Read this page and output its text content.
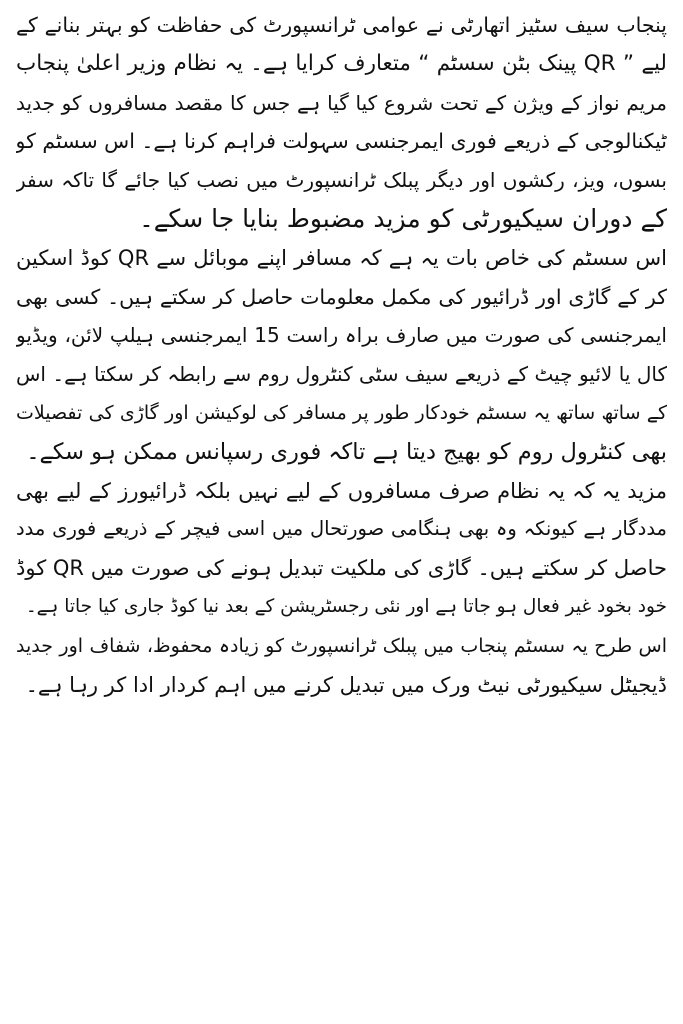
پنجاب سیف سٹیز اتھارٹی نے عوامی ٹرانسپورٹ کی حفاظت کو بہتر بنانے کے
لیے ” QR پینک بٹن سسٹم “ متعارف کرایا ہے۔ یہ نظام وزیر اعلیٰ پنجاب
مریم نواز کے ویژن کے تحت شروع کیا گیا ہے جس کا مقصد مسافروں کو جدید
ٹیکنالوجی کے ذریعے فوری ایمرجنسی سہولت فراہم کرنا ہے۔ اس سسٹم کو
بسوں، ویز، رکشوں اور دیگر پبلک ٹرانسپورٹ میں نصب کیا جائے گا تاکہ سفر
کے دوران سیکیورٹی کو مزید مضبوط بنایا جا سکے۔
اس سسٹم کی خاص بات یہ ہے کہ مسافر اپنے موبائل سے QR کوڈ اسکین
کر کے گاڑی اور ڈرائیور کی مکمل معلومات حاصل کر سکتے ہیں۔ کسی بھی
ایمرجنسی کی صورت میں صارف براہ راست 15 ایمرجنسی ہیلپ لائن، ویڈیو
کال یا لائیو چیٹ کے ذریعے سیف سٹی کنٹرول روم سے رابطہ کر سکتا ہے۔ اس
کے ساتھ ساتھ یہ سسٹم خودکار طور پر مسافر کی لوکیشن اور گاڑی کی تفصیلات
بھی کنٹرول روم کو بھیج دیتا ہے تاکہ فوری رسپانس ممکن ہو سکے۔
مزید یہ کہ یہ نظام صرف مسافروں کے لیے نہیں بلکہ ڈرائیورز کے لیے بھی
مددگار ہے کیونکہ وہ بھی ہنگامی صورتحال میں اسی فیچر کے ذریعے فوری مدد
حاصل کر سکتے ہیں۔ گاڑی کی ملکیت تبدیل ہونے کی صورت میں QR کوڈ
خود بخود غیر فعال ہو جاتا ہے اور نئی رجسٹریشن کے بعد نیا کوڈ جاری کیا جاتا ہے۔
اس طرح یہ سسٹم پنجاب میں پبلک ٹرانسپورٹ کو زیادہ محفوظ، شفاف اور جدید
ڈیجیٹل سیکیورٹی نیٹ ورک میں تبدیل کرنے میں اہم کردار ادا کر رہا ہے۔
